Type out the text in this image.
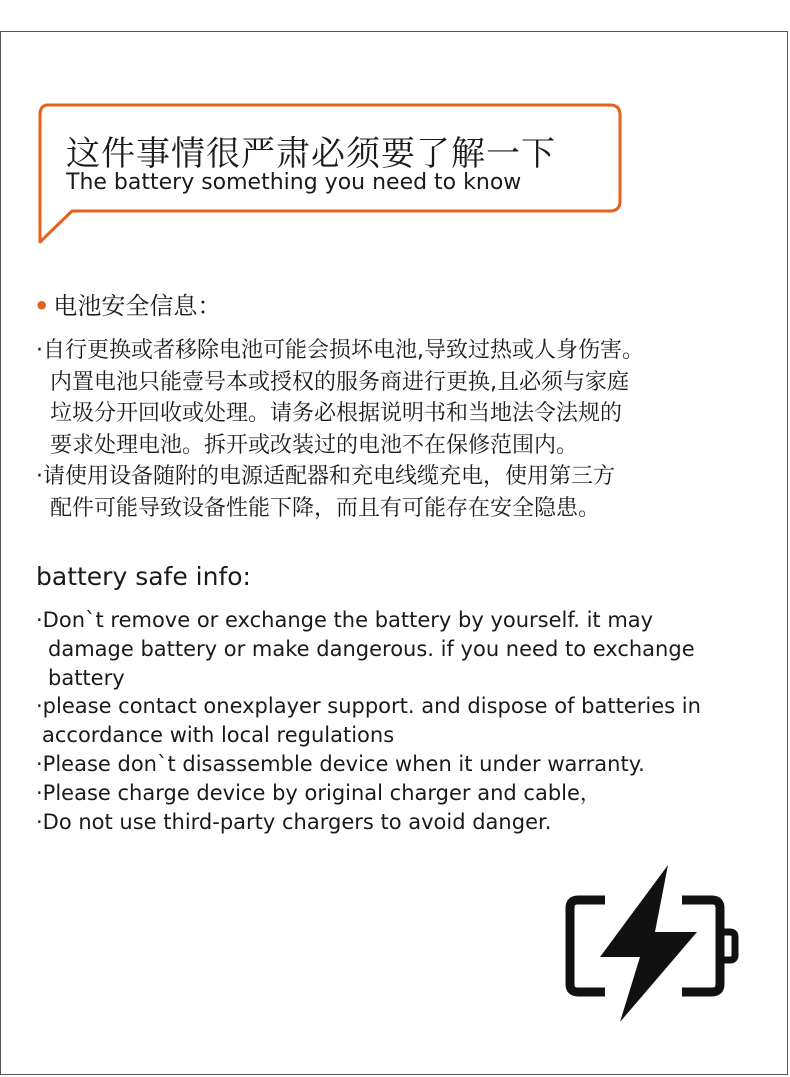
这件事情很严肃必须要了解一下
The battery something you need to know
• 电池安全信息：
·自行更换或者移除电池可能会损坏电池,导致过热或人身伤害。
内置电池只能壹号本或授权的服务商进行更换,且必须与家庭
垃圾分开回收或处理。请务必根据说明书和当地法令法规的
要求处理电池。拆开或改装过的电池不在保修范围内。
·请使用设备随附的电源适配器和充电线缆充电，使用第三方
配件可能导致设备性能下降，而且有可能存在安全隐患。
battery safe info:
·Don`t remove or exchange the battery by yourself. it may
damage battery or make dangerous. if you need to exchange
battery
·please contact onexplayer support. and dispose of batteries in
accordance with local regulations
·Please don`t disassemble device when it under warranty.
·Please charge device by original charger and cable，
·Do not use third-party chargers to avoid danger.
